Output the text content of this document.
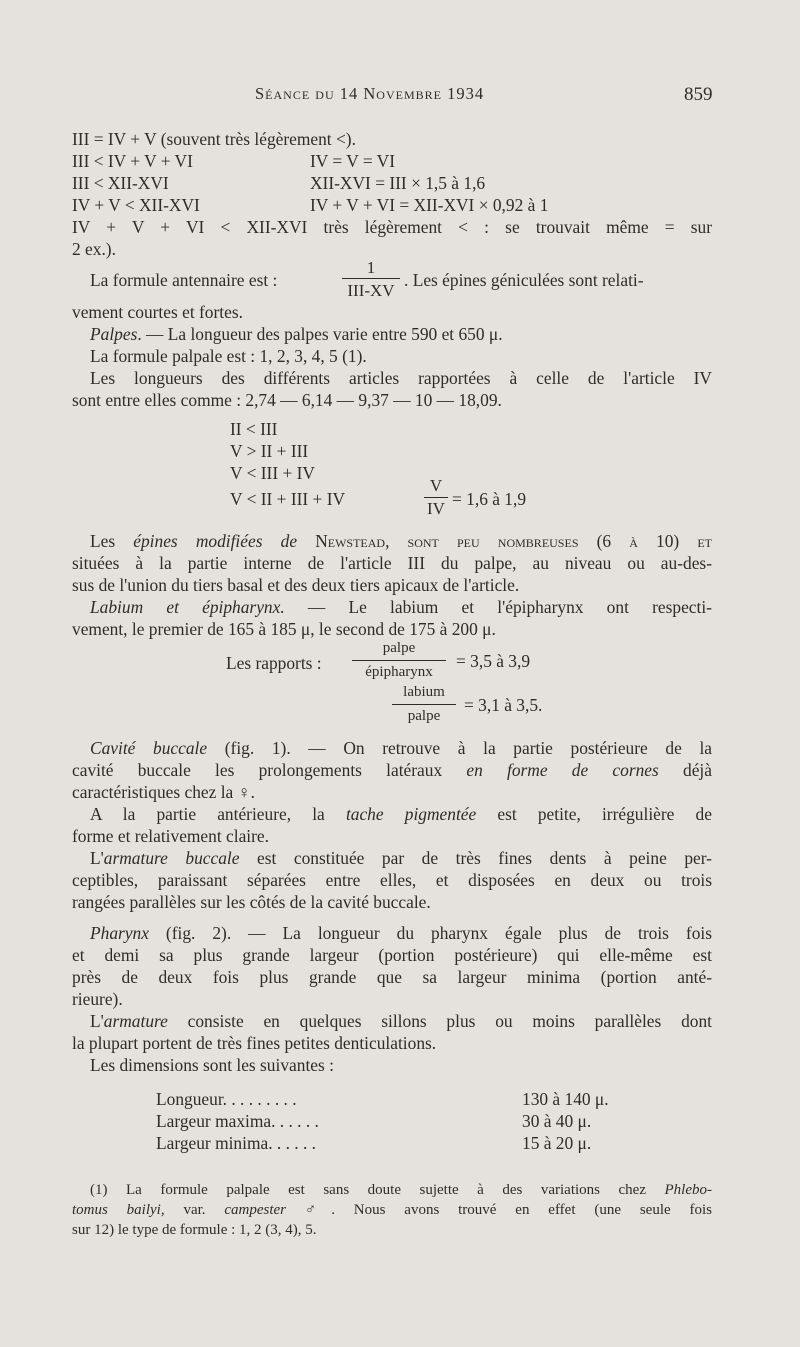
Séance du 14 Novembre 1934	859
III = IV + V (souvent très légèrement <).
III < IV + V + VI	IV = V = VI
III < XII-XVI	XII-XVI = III × 1,5 à 1,6
IV + V < XII-XVI	IV + V + VI = XII-XVI × 0,92 à 1
IV + V + VI < XII-XVI très légèrement < : se trouvait même = sur
2 ex.).
La formule antennaire est :
1
III-XV
. Les épines géniculées sont relati-
vement courtes et fortes.
Palpes. — La longueur des palpes varie entre 590 et 650 μ.
La formule palpale est : 1, 2, 3, 4, 5 (1).
Les longueurs des différents articles rapportées à celle de l'article IV
sont entre elles comme : 2,74 — 6,14 — 9,37 — 10 — 18,09.
II < III
V > II + III
V < III + IV
V < II + III + IV
V
IV = 1,6 à 1,9
Les épines modifiées de Newstead, sont peu nombreuses (6 à 10) et
situées à la partie interne de l'article III du palpe, au niveau ou au-des-
sus de l'union du tiers basal et des deux tiers apicaux de l'article.
Labium et épipharynx. — Le labium et l'épipharynx ont respecti-
vement, le premier de 165 à 185 μ, le second de 175 à 200 μ.
Les rapports :
palpe
épipharynx
= 3,5 à 3,9
labium
palpe
= 3,1 à 3,5.
Cavité buccale (fig. 1). — On retrouve à la partie postérieure de la
cavité buccale les prolongements latéraux en forme de cornes déjà
caractéristiques chez la ♀.
A la partie antérieure, la tache pigmentée est petite, irrégulière de
forme et relativement claire.
L'armature buccale est constituée par de très fines dents à peine per-
ceptibles, paraissant séparées entre elles, et disposées en deux ou trois
rangées parallèles sur les côtés de la cavité buccale.
Pharynx (fig. 2). — La longueur du pharynx égale plus de trois fois
et demi sa plus grande largeur (portion postérieure) qui elle-même est
près de deux fois plus grande que sa largeur minima (portion anté-
rieure).
L'armature consiste en quelques sillons plus ou moins parallèles dont
la plupart portent de très fines petites denticulations.
Les dimensions sont les suivantes :
Longueur. . . . . . . . .	130 à 140 μ.
Largeur maxima. . . . . .	30 à 40 μ.
Largeur minima. . . . . .	15 à 20 μ.
(1) La formule palpale est sans doute sujette à des variations chez Phlebo-
tomus bailyi, var. campester ♂. Nous avons trouvé en effet (une seule fois
sur 12) le type de formule : 1, 2 (3, 4), 5.
